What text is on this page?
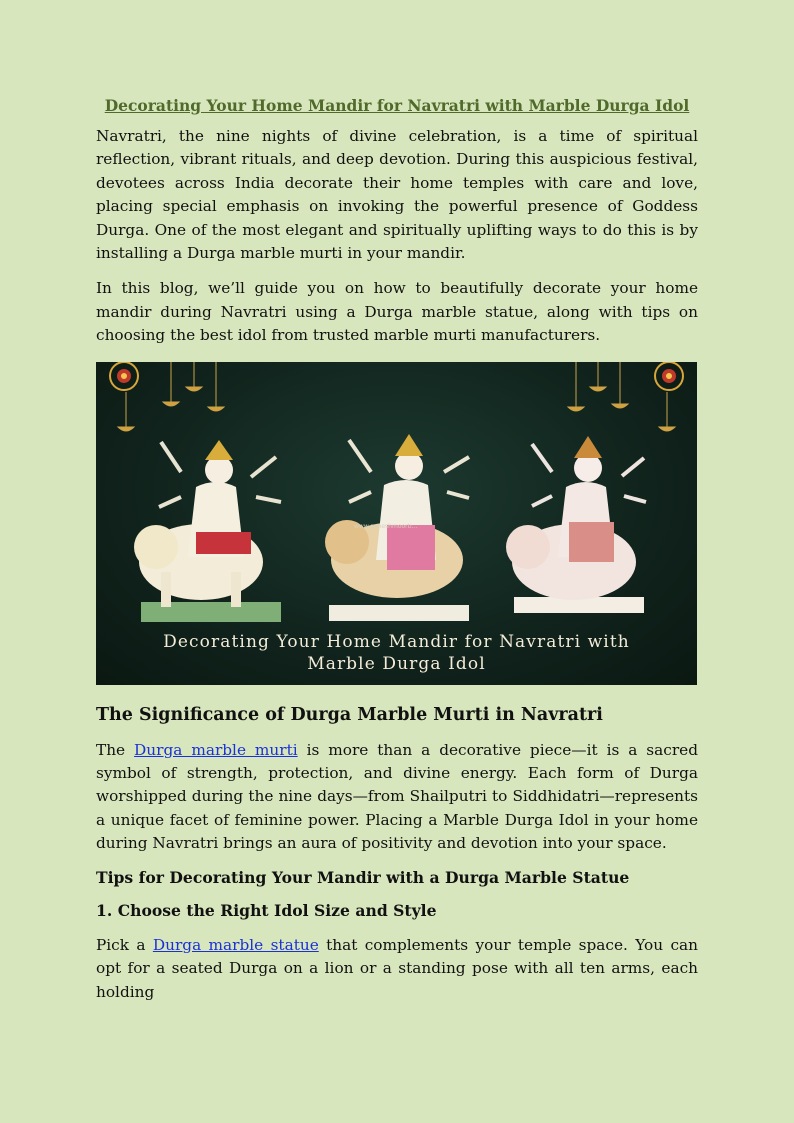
Decorating Your Home Mandir for Navratri with Marble Durga Idol

Navratri, the nine nights of divine celebration, is a time of spiritual reflection, vibrant rituals, and deep devotion. During this auspicious festival, devotees across India decorate their home temples with care and love, placing special emphasis on invoking the powerful presence of Goddess Durga. One of the most elegant and spiritually uplifting ways to do this is by installing a Durga marble murti in your mandir.

In this blog, we’ll guide you on how to beautifully decorate your home mandir during Navratri using a Durga marble statue, along with tips on choosing the best idol from trusted marble murti manufacturers.

www.ganeshmoorti...
Decorating Your Home Mandir for Navratri with
Marble Durga Idol
The Significance of Durga Marble Murti in Navratri

The Durga marble murti is more than a decorative piece—it is a sacred symbol of strength, protection, and divine energy. Each form of Durga worshipped during the nine days—from Shailputri to Siddhidatri—represents a unique facet of feminine power. Placing a Marble Durga Idol in your home during Navratri brings an aura of positivity and devotion into your space.

Tips for Decorating Your Mandir with a Durga Marble Statue
1. Choose the Right Idol Size and Style

Pick a Durga marble statue that complements your temple space. You can opt for a seated Durga on a lion or a standing pose with all ten arms, each holding
